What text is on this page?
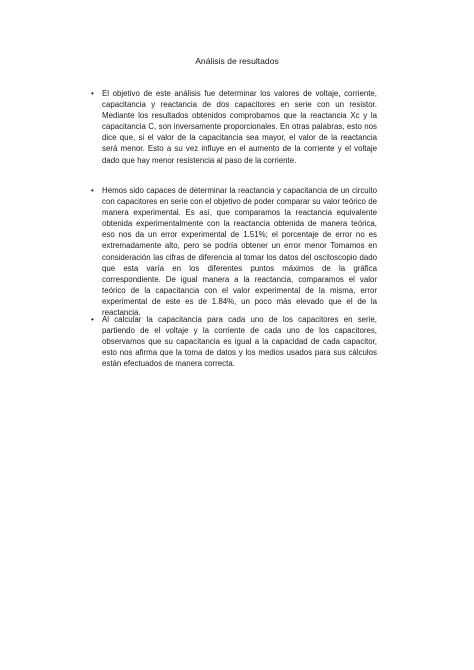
Análisis de resultados
• El objetivo de este análisis fue determinar los valores de voltaje, corriente, capacitancia y reactancia de dos capacitores en serie con un resistor. Mediante los resultados obtenidos comprobamos que la reactancia Xc y la capacitancia C, son inversamente proporcionales. En otras palabras, esto nos dice que, si el valor de la capacitancia sea mayor, el valor de la reactancia será menor. Esto a su vez influye en el aumento de la corriente y el voltaje dado que hay menor resistencia al paso de la corriente.

• Hemos sido capaces de determinar la reactancia y capacitancia de un circuito con capacitores en serie con el objetivo de poder comparar su valor teórico de manera experimental. Es así, que comparamos la reactancia equivalente obtenida experimentalmente con la reactancia obtenida de manera teórica, eso nos da un error experimental de 1.51%; el porcentaje de error no es extremadamente alto, pero se podría obtener un error menor Tomamos en consideración las cifras de diferencia al tomar los datos del osciloscopio dado que esta varía en los diferentes puntos máximos de la gráfica correspondiente. De igual manera a la reactancia, comparamos el valor teórico de la capacitancia con el valor experimental de la misma, error experimental de este es de 1.84%, un poco más elevado que el de la reactancia.

• Al calcular la capacitancia para cada uno de los capacitores en serie, partiendo de el voltaje y la corriente de cada uno de los capacitores, observamos que su capacitancia es igual a la capacidad de cada capacitor, esto nos afirma que la toma de datos y los medios usados para sus cálculos están efectuados de manera correcta.
